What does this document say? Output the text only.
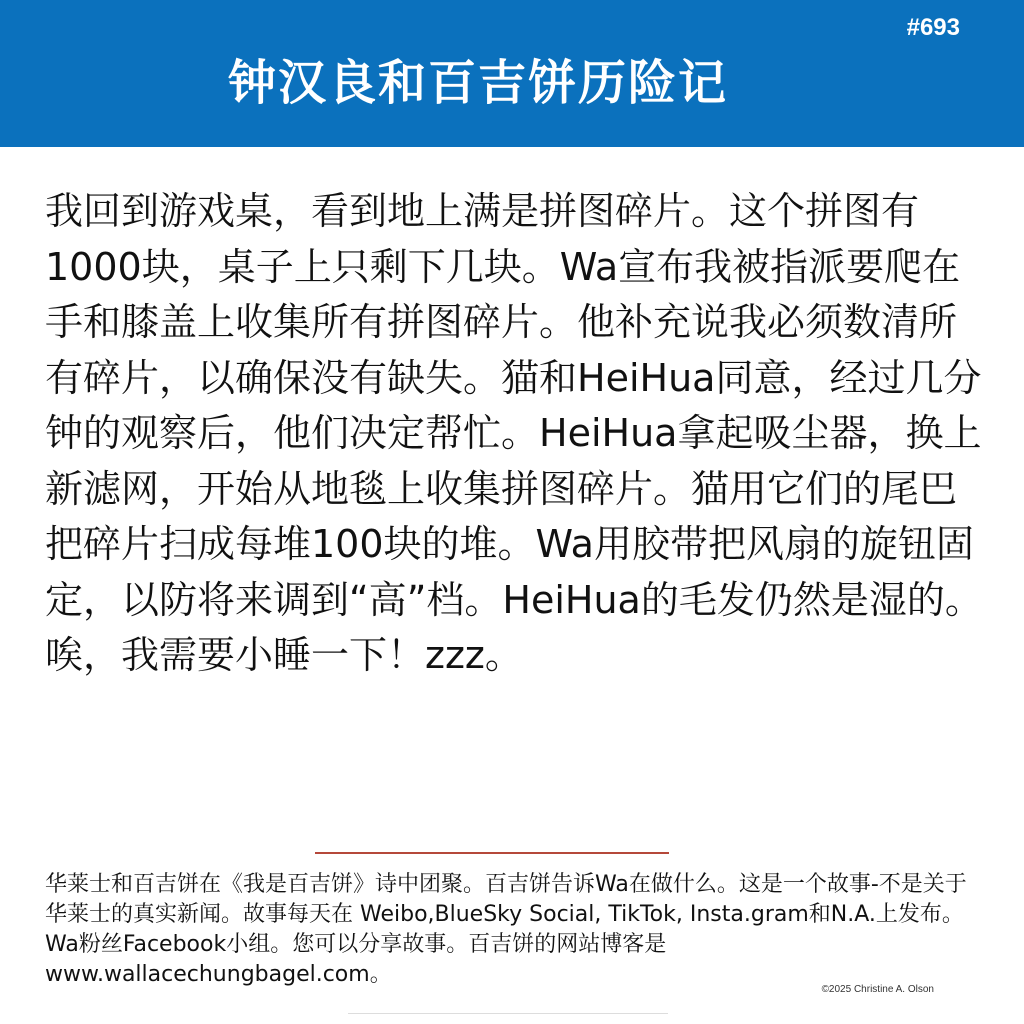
#693
钟汉良和百吉饼历险记

我回到游戏桌，看到地上满是拼图碎片。这个拼图有1000块，桌子上只剩下几块。Wa宣布我被指派要爬在手和膝盖上收集所有拼图碎片。他补充说我必须数清所有碎片，以确保没有缺失。猫和HeiHua同意，经过几分钟的观察后，他们决定帮忙。HeiHua拿起吸尘器，换上新滤网，开始从地毯上收集拼图碎片。猫用它们的尾巴把碎片扫成每堆100块的堆。Wa用胶带把风扇的旋钮固定，以防将来调到“高”档。HeiHua的毛发仍然是湿的。唉，我需要小睡一下！zzz。

华莱士和百吉饼在《我是百吉饼》诗中团聚。百吉饼告诉Wa在做什么。这是一个故事-不是关于华莱士的真实新闻。故事每天在 Weibo,BlueSky Social, TikTok, Insta.gram和N.A.上发布。Wa粉丝Facebook小组。您可以分享故事。百吉饼的网站博客是www.wallacechungbagel.com。

©2025 Christine A. Olson
